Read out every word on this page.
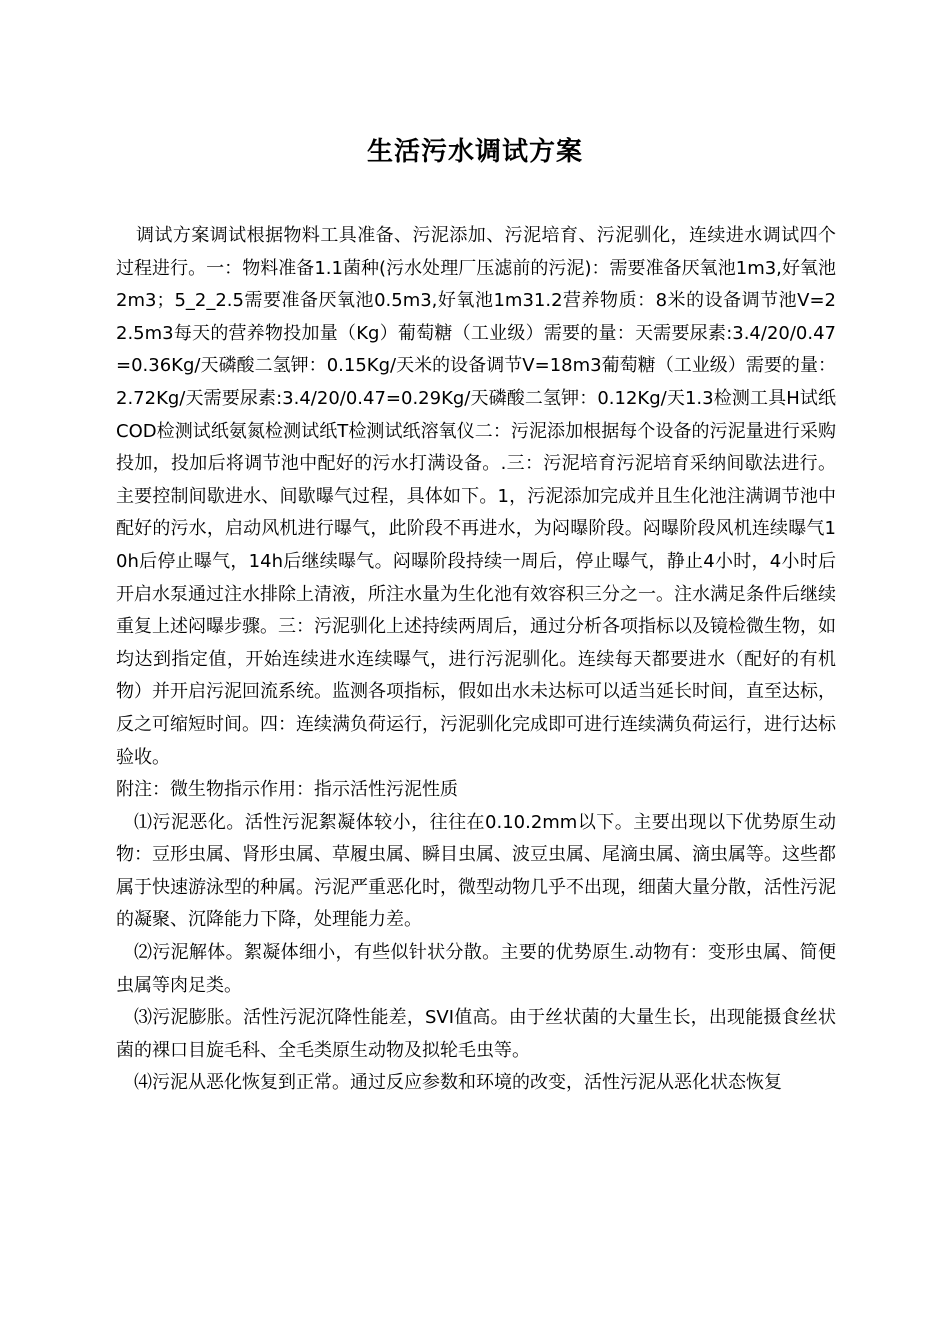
生活污水调试方案

调试方案调试根据物料工具准备、污泥添加、污泥培育、污泥驯化，连续进水调试四个过程进行。一：物料准备1.1菌种(污水处理厂压滤前的污泥)：需要准备厌氧池1m3,好氧池2m3；5_2_2.5需要准备厌氧池0.5m3,好氧池1m31.2营养物质：8米的设备调节池V=22.5m3每天的营养物投加量（Kg）葡萄糖（工业级）需要的量：天需要尿素:3.4/20/0.47=0.36Kg/天磷酸二氢钾：0.15Kg/天米的设备调节V=18m3葡萄糖（工业级）需要的量：2.72Kg/天需要尿素:3.4/20/0.47=0.29Kg/天磷酸二氢钾：0.12Kg/天1.3检测工具H试纸COD检测试纸氨氮检测试纸T检测试纸溶氧仪二：污泥添加根据每个设备的污泥量进行采购投加，投加后将调节池中配好的污水打满设备。.三：污泥培育污泥培育采纳间歇法进行。主要控制间歇进水、间歇曝气过程，具体如下。1，污泥添加完成并且生化池注满调节池中配好的污水，启动风机进行曝气，此阶段不再进水，为闷曝阶段。闷曝阶段风机连续曝气10h后停止曝气，14h后继续曝气。闷曝阶段持续一周后，停止曝气，静止4小时，4小时后开启水泵通过注水排除上清液，所注水量为生化池有效容积三分之一。注水满足条件后继续重复上述闷曝步骤。三：污泥驯化上述持续两周后，通过分析各项指标以及镜检微生物，如均达到指定值，开始连续进水连续曝气，进行污泥驯化。连续每天都要进水（配好的有机物）并开启污泥回流系统。监测各项指标，假如出水未达标可以适当延长时间，直至达标，反之可缩短时间。四：连续满负荷运行，污泥驯化完成即可进行连续满负荷运行，进行达标验收。

附注：微生物指示作用：指示活性污泥性质

⑴污泥恶化。活性污泥絮凝体较小，往往在0.10.2mm以下。主要出现以下优势原生动物：豆形虫属、肾形虫属、草履虫属、瞬目虫属、波豆虫属、尾滴虫属、滴虫属等。这些都属于快速游泳型的种属。污泥严重恶化时，微型动物几乎不出现，细菌大量分散，活性污泥的凝聚、沉降能力下降，处理能力差。

⑵污泥解体。絮凝体细小，有些似针状分散。主要的优势原生.动物有：变形虫属、简便虫属等肉足类。

⑶污泥膨胀。活性污泥沉降性能差，SVI值高。由于丝状菌的大量生长，出现能摄食丝状菌的裸口目旋毛科、全毛类原生动物及拟轮毛虫等。

⑷污泥从恶化恢复到正常。通过反应参数和环境的改变，活性污泥从恶化状态恢复
